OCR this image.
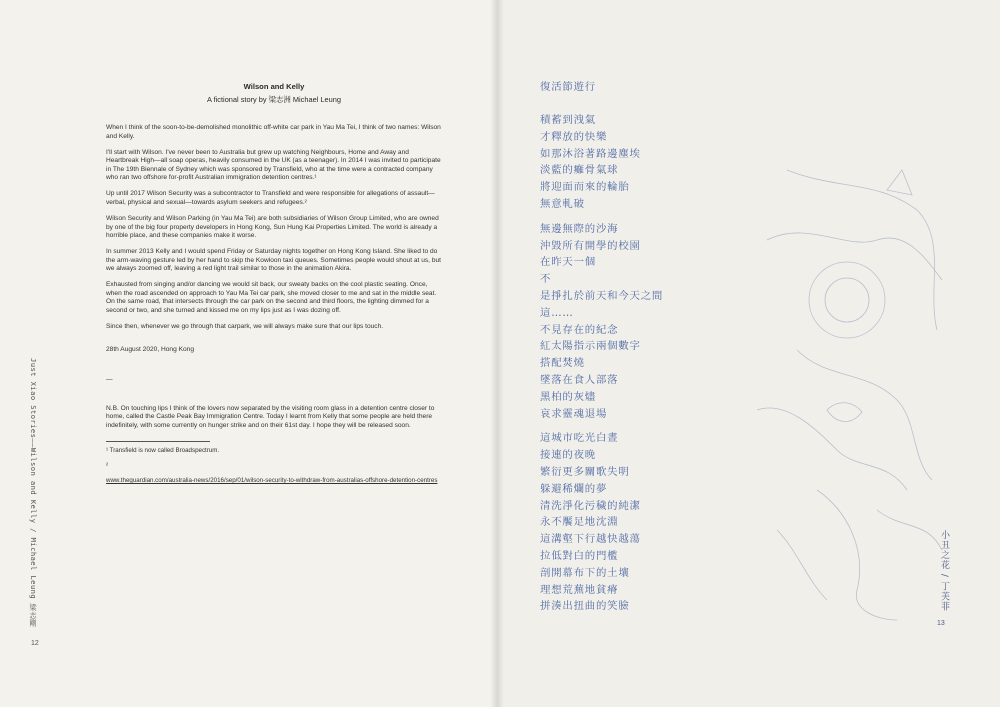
Wilson and Kelly
A fictional story by 梁志洲 Michael Leung

When I think of the soon-to-be-demolished monolithic off-white car park in Yau Ma Tei, I think of two names: Wilson and Kelly.

I'll start with Wilson. I've never been to Australia but grew up watching Neighbours, Home and Away and Heartbreak High—all soap operas, heavily consumed in the UK (as a teenager). In 2014 I was invited to participate in The 19th Biennale of Sydney which was sponsored by Transfield, who at the time were a contracted company who ran two offshore for-profit Australian immigration detention centres.¹

Up until 2017 Wilson Security was a subcontractor to Transfield and were responsible for allegations of assault—verbal, physical and sexual—towards asylum seekers and refugees.²

Wilson Security and Wilson Parking (in Yau Ma Tei) are both subsidiaries of Wilson Group Limited, who are owned by one of the big four property developers in Hong Kong, Sun Hung Kai Properties Limited. The world is already a horrible place, and these companies make it worse.

In summer 2013 Kelly and I would spend Friday or Saturday nights together on Hong Kong Island. She liked to do the arm-waving gesture led by her hand to skip the Kowloon taxi queues. Sometimes people would shout at us, but we always zoomed off, leaving a red light trail similar to those in the animation Akira.

Exhausted from singing and/or dancing we would sit back, our sweaty backs on the cool plastic seating. Once, when the road ascended on approach to Yau Ma Tei car park, she moved closer to me and sat in the middle seat. On the same road, that intersects through the car park on the second and third floors, the lighting dimmed for a second or two, and she turned and kissed me on my lips just as I was dozing off.

Since then, whenever we go through that carpark, we will always make sure that our lips touch.

28th August 2020, Hong Kong

—

N.B. On touching lips I think of the lovers now separated by the visiting room glass in a detention centre closer to home, called the Castle Peak Bay Immigration Centre. Today I learnt from Kelly that some people are held there indefinitely, with some currently on hunger strike and on their 61st day. I hope they will be released soon.

¹ Transfield is now called Broadspectrum.

²

www.theguardian.com/australia-news/2016/sep/01/wilson-security-to-withdraw-from-australias-offshore-detention-centres

Just Xiao Stories——Wilson and Kelly / Michael Leung 梁志剛
12
復活節遊行
積蓄到洩氣
才釋放的快樂
如那沐浴著路邊塵埃
淡藍的癱骨氣球
將迎面而來的輪胎
無意軋破
無邊無際的沙海
沖毀所有開學的校園
在昨天一個
不
是掙扎於前天和今天之間
這……
不見存在的紀念
紅太陽指示兩個數字
搭配焚燒
墜落在食人部落
黑柏的灰燼
哀求靈魂退場
這城市吃光白晝
接連的夜晚
繁衍更多關歌失明
躲避稀爛的夢
清洗淨化污穢的純潔
永不饜足地沈淵
這溝壑下行越快越蕩
拉低對白的門檻
剖開幕布下的土壤
理想荒蕪地貧瘠
拼湊出扭曲的笑臉	小丑之花 / 丁芙菲
13
